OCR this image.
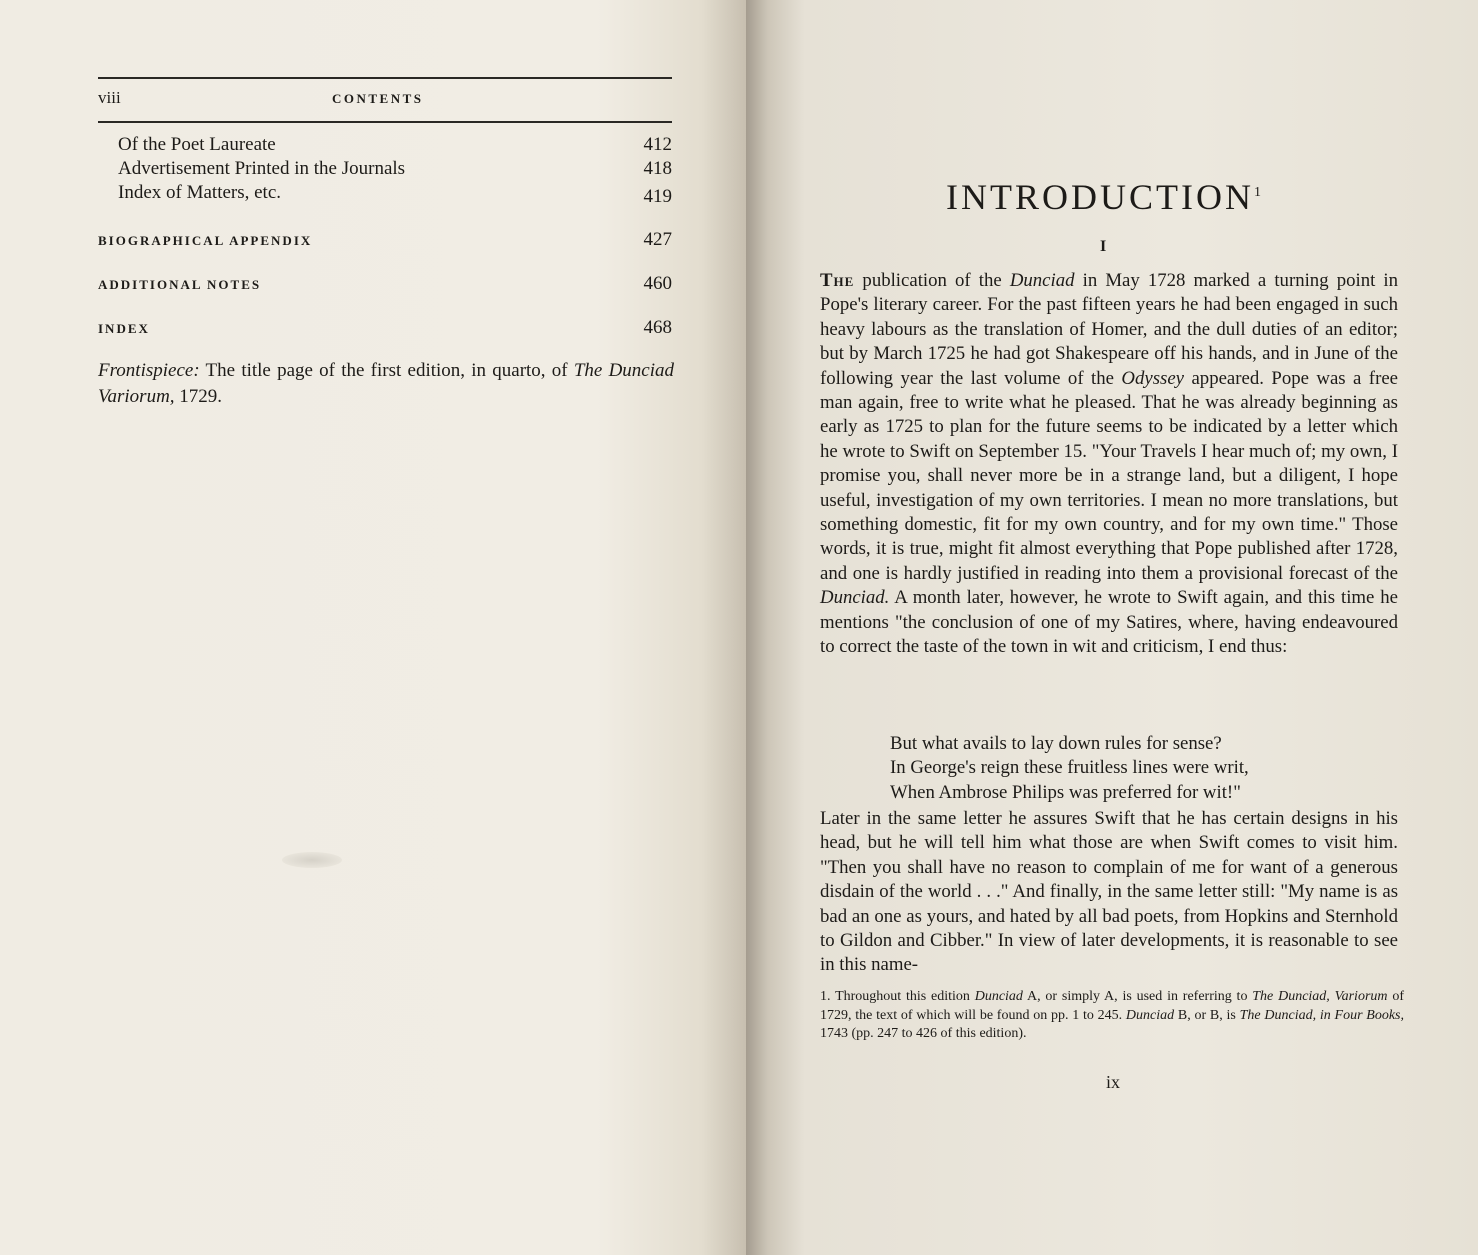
viii	CONTENTS
Of the Poet Laureate	412
Advertisement Printed in the Journals	418
Index of Matters, etc.	419
BIOGRAPHICAL APPENDIX	427
ADDITIONAL NOTES	460
INDEX	468
Frontispiece: The title page of the first edition, in quarto, of The Dunciad Variorum, 1729.
INTRODUCTION$^1$
I
The publication of the Dunciad in May 1728 marked a turning point in Pope's literary career. For the past fifteen years he had been engaged in such heavy labours as the translation of Homer, and the dull duties of an editor; but by March 1725 he had got Shakespeare off his hands, and in June of the following year the last volume of the Odyssey appeared. Pope was a free man again, free to write what he pleased. That he was already beginning as early as 1725 to plan for the future seems to be indicated by a letter which he wrote to Swift on September 15. "Your Travels I hear much of; my own, I promise you, shall never more be in a strange land, but a diligent, I hope useful, investigation of my own territories. I mean no more translations, but something domestic, fit for my own country, and for my own time." Those words, it is true, might fit almost everything that Pope published after 1728, and one is hardly justified in reading into them a provisional forecast of the Dunciad. A month later, however, he wrote to Swift again, and this time he mentions "the conclusion of one of my Satires, where, having endeavoured to correct the taste of the town in wit and criticism, I end thus:
But what avails to lay down rules for sense?
In George's reign these fruitless lines were writ,
When Ambrose Philips was preferred for wit!"
Later in the same letter he assures Swift that he has certain designs in his head, but he will tell him what those are when Swift comes to visit him. "Then you shall have no reason to complain of me for want of a generous disdain of the world . . ." And finally, in the same letter still: "My name is as bad an one as yours, and hated by all bad poets, from Hopkins and Sternhold to Gildon and Cibber." In view of later developments, it is reasonable to see in this name-
1. Throughout this edition Dunciad A, or simply A, is used in referring to The Dunciad, Variorum of 1729, the text of which will be found on pp. 1 to 245. Dunciad B, or B, is The Dunciad, in Four Books, 1743 (pp. 247 to 426 of this edition).
ix
